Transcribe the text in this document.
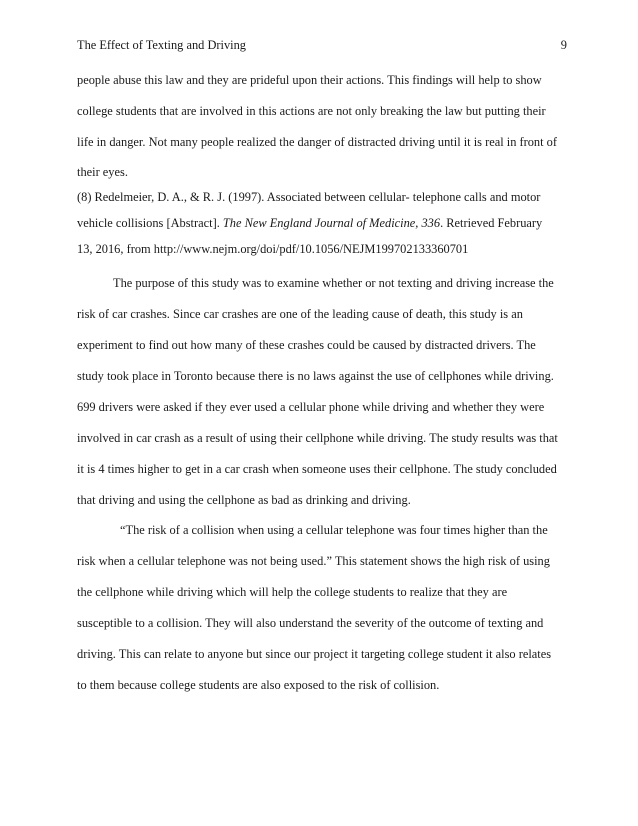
The Effect of Texting and Driving	9
people abuse this law and they are prideful upon their actions. This findings will help to show
college students that are involved in this actions are not only breaking the law but putting their
life in danger. Not many people realized the danger of distracted driving until it is real in front of
their eyes.
(8) Redelmeier, D. A., & R. J. (1997). Associated between cellular- telephone calls and motor
vehicle collisions [Abstract]. The New England Journal of Medicine, 336. Retrieved February
13, 2016, from http://www.nejm.org/doi/pdf/10.1056/NEJM199702133360701
The purpose of this study was to examine whether or not texting and driving increase the
risk of car crashes. Since car crashes are one of the leading cause of death, this study is an
experiment to find out how many of these crashes could be caused by distracted drivers. The
study took place in Toronto because there is no laws against the use of cellphones while driving.
699 drivers were asked if they ever used a cellular phone while driving and whether they were
involved in car crash as a result of using their cellphone while driving. The study results was that
it is 4 times higher to get in a car crash when someone uses their cellphone. The study concluded
that driving and using the cellphone as bad as drinking and driving.
“The risk of a collision when using a cellular telephone was four times higher than the
risk when a cellular telephone was not being used.” This statement shows the high risk of using
the cellphone while driving which will help the college students to realize that they are
susceptible to a collision. They will also understand the severity of the outcome of texting and
driving. This can relate to anyone but since our project it targeting college student it also relates
to them because college students are also exposed to the risk of collision.
